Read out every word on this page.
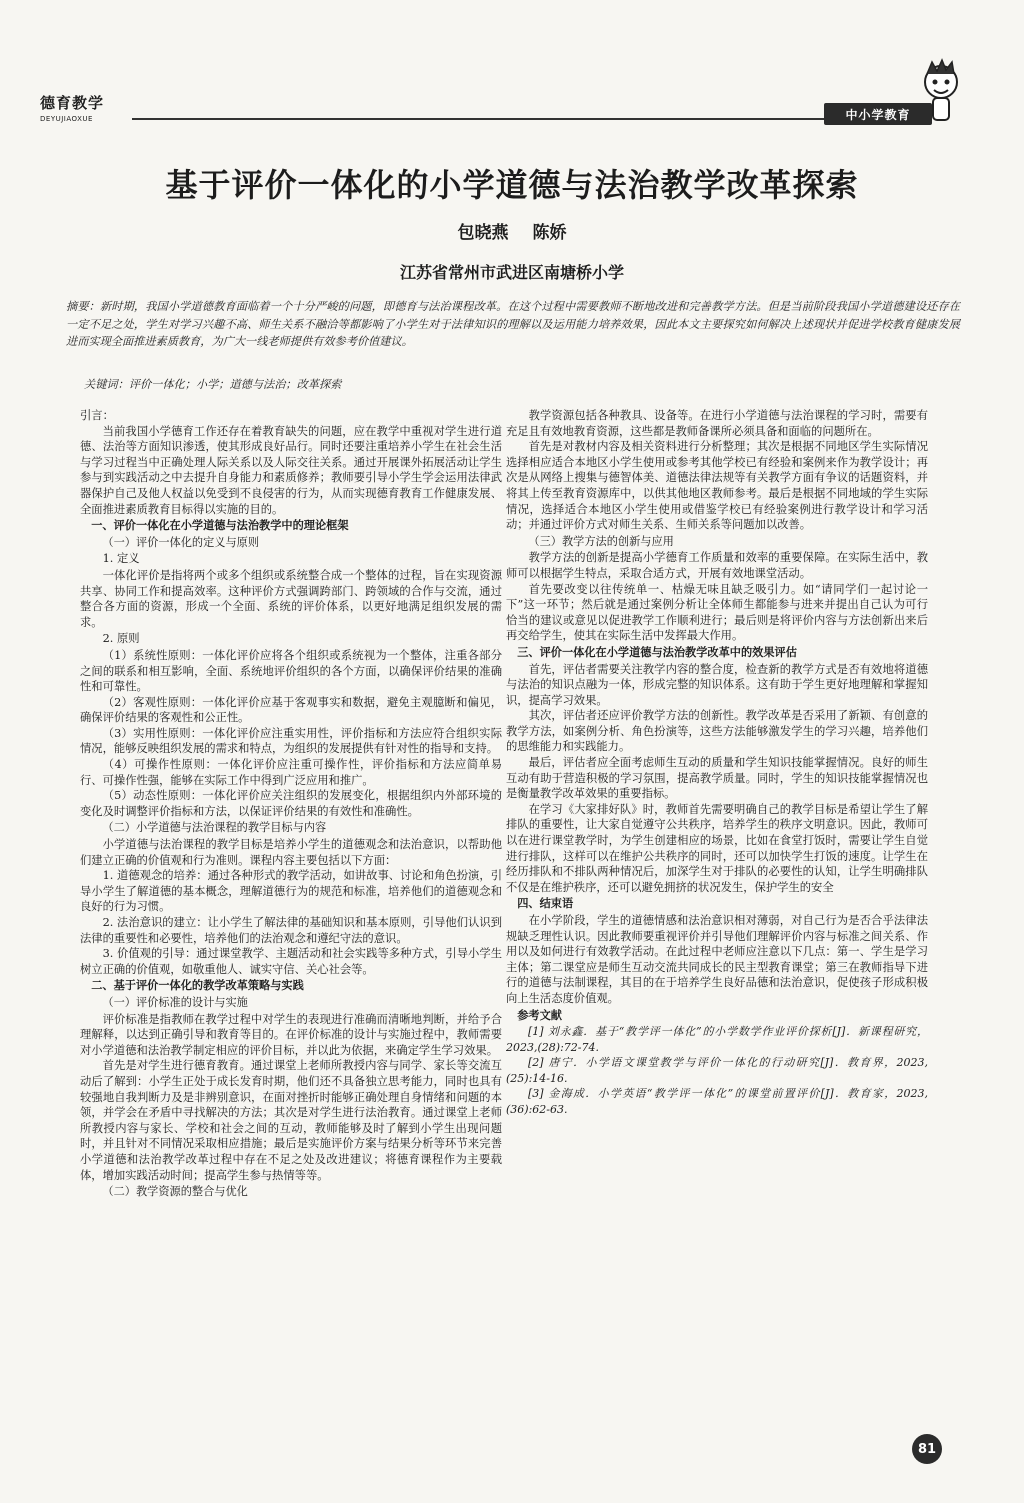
德育教学
DEYUJIAOXUE	中小学教育
基于评价一体化的小学道德与法治教学改革探索
包晓燕 陈娇
江苏省常州市武进区南塘桥小学
摘要：新时期，我国小学道德教育面临着一个十分严峻的问题，即德育与法治课程改革。在这个过程中需要教师不断地改进和完善教学方法。但是当前阶段我国小学道德建设还存在一定不足之处，学生对学习兴趣不高、师生关系不融洽等都影响了小学生对于法律知识的理解以及运用能力培养效果，因此本文主要探究如何解决上述现状并促进学校教育健康发展进而实现全面推进素质教育，为广大一线老师提供有效参考价值建议。
关键词：评价一体化；小学；道德与法治；改革探索

引言：

当前我国小学德育工作还存在着教育缺失的问题，应在教学中重视对学生进行道德、法治等方面知识渗透，使其形成良好品行。同时还要注重培养小学生在社会生活与学习过程当中正确处理人际关系以及人际交往关系。通过开展课外拓展活动让学生参与到实践活动之中去提升自身能力和素质修养；教师要引导小学生学会运用法律武器保护自己及他人权益以免受到不良侵害的行为，从而实现德育教育工作健康发展、全面推进素质教育目标得以实施的目的。

一、评价一体化在小学道德与法治教学中的理论框架

（一）评价一体化的定义与原则

1. 定义

一体化评价是指将两个或多个组织或系统整合成一个整体的过程，旨在实现资源共享、协同工作和提高效率。这种评价方式强调跨部门、跨领域的合作与交流，通过整合各方面的资源，形成一个全面、系统的评价体系，以更好地满足组织发展的需求。

2. 原则

（1）系统性原则：一体化评价应将各个组织或系统视为一个整体，注重各部分之间的联系和相互影响，全面、系统地评价组织的各个方面，以确保评价结果的准确性和可靠性。

（2）客观性原则：一体化评价应基于客观事实和数据，避免主观臆断和偏见，确保评价结果的客观性和公正性。

（3）实用性原则：一体化评价应注重实用性，评价指标和方法应符合组织实际情况，能够反映组织发展的需求和特点，为组织的发展提供有针对性的指导和支持。

（4）可操作性原则：一体化评价应注重可操作性，评价指标和方法应简单易行、可操作性强，能够在实际工作中得到广泛应用和推广。

（5）动态性原则：一体化评价应关注组织的发展变化，根据组织内外部环境的变化及时调整评价指标和方法，以保证评价结果的有效性和准确性。

（二）小学道德与法治课程的教学目标与内容

小学道德与法治课程的教学目标是培养小学生的道德观念和法治意识，以帮助他们建立正确的价值观和行为准则。课程内容主要包括以下方面：

1. 道德观念的培养：通过各种形式的教学活动，如讲故事、讨论和角色扮演，引导小学生了解道德的基本概念，理解道德行为的规范和标准，培养他们的道德观念和良好的行为习惯。

2. 法治意识的建立：让小学生了解法律的基础知识和基本原则，引导他们认识到法律的重要性和必要性，培养他们的法治观念和遵纪守法的意识。

3. 价值观的引导：通过课堂教学、主题活动和社会实践等多种方式，引导小学生树立正确的价值观，如敬重他人、诚实守信、关心社会等。

二、基于评价一体化的教学改革策略与实践

（一）评价标准的设计与实施

评价标准是指教师在教学过程中对学生的表现进行准确而清晰地判断，并给予合理解释，以达到正确引导和教育等目的。在评价标准的设计与实施过程中，教师需要对小学道德和法治教学制定相应的评价目标，并以此为依据，来确定学生学习效果。

首先是对学生进行德育教育。通过课堂上老师所教授内容与同学、家长等交流互动后了解到：小学生正处于成长发育时期，他们还不具备独立思考能力，同时也具有较强地自我判断力及是非辨别意识，在面对挫折时能够正确处理自身情绪和问题的本领，并学会在矛盾中寻找解决的方法；其次是对学生进行法治教育。通过课堂上老师所教授内容与家长、学校和社会之间的互动，教师能够及时了解到小学生出现问题时，并且针对不同情况采取相应措施；最后是实施评价方案与结果分析等环节来完善小学道德和法治教学改革过程中存在不足之处及改进建议；将德育课程作为主要载体，增加实践活动时间；提高学生参与热情等等。

（二）教学资源的整合与优化

教学资源包括各种教具、设备等。在进行小学道德与法治课程的学习时，需要有充足且有效地教育资源，这些都是教师备课所必须具备和面临的问题所在。

首先是对教材内容及相关资料进行分析整理；其次是根据不同地区学生实际情况选择相应适合本地区小学生使用或参考其他学校已有经验和案例来作为教学设计；再次是从网络上搜集与德智体美、道德法律法规等有关教学方面有争议的话题资料，并将其上传至教育资源库中，以供其他地区教师参考。最后是根据不同地域的学生实际情况，选择适合本地区小学生使用或借鉴学校已有经验案例进行教学设计和学习活动；并通过评价方式对师生关系、生师关系等问题加以改善。

（三）教学方法的创新与应用

教学方法的创新是提高小学德育工作质量和效率的重要保障。在实际生活中，教师可以根据学生特点，采取合适方式，开展有效地课堂活动。

首先要改变以往传统单一、枯燥无味且缺乏吸引力。如“请同学们一起讨论一下”这一环节；然后就是通过案例分析让全体师生都能参与进来并提出自己认为可行恰当的建议或意见以促进教学工作顺利进行；最后则是将评价内容与方法创新出来后再交给学生，使其在实际生活中发挥最大作用。

三、评价一体化在小学道德与法治教学改革中的效果评估

首先，评估者需要关注教学内容的整合度，检查新的教学方式是否有效地将道德与法治的知识点融为一体，形成完整的知识体系。这有助于学生更好地理解和掌握知识，提高学习效果。

其次，评估者还应评价教学方法的创新性。教学改革是否采用了新颖、有创意的教学方法，如案例分析、角色扮演等，这些方法能够激发学生的学习兴趣，培养他们的思维能力和实践能力。

最后，评估者应全面考虑师生互动的质量和学生知识技能掌握情况。良好的师生互动有助于营造积极的学习氛围，提高教学质量。同时，学生的知识技能掌握情况也是衡量教学改革效果的重要指标。

在学习《大家排好队》时，教师首先需要明确自己的教学目标是希望让学生了解排队的重要性，让大家自觉遵守公共秩序，培养学生的秩序文明意识。因此，教师可以在进行课堂教学时，为学生创建相应的场景，比如在食堂打饭时，需要让学生自觉进行排队，这样可以在维护公共秩序的同时，还可以加快学生打饭的速度。让学生在经历排队和不排队两种情况后，加深学生对于排队的必要性的认知，让学生明确排队不仅是在维护秩序，还可以避免拥挤的状况发生，保护学生的安全

四、结束语

在小学阶段，学生的道德情感和法治意识相对薄弱，对自己行为是否合乎法律法规缺乏理性认识。因此教师要重视评价并引导他们理解评价内容与标准之间关系、作用以及如何进行有效教学活动。在此过程中老师应注意以下几点：第一、学生是学习主体；第二课堂应是师生互动交流共同成长的民主型教育课堂；第三在教师指导下进行的道德与法制课程，其目的在于培养学生良好品德和法治意识，促使孩子形成积极向上生活态度价值观。

参考文献

[1] 刘永鑫．基于“教学评一体化”的小学数学作业评价探析[J]．新课程研究，2023,(28):72-74.

[2] 唐宁．小学语文课堂教学与评价一体化的行动研究[J]．教育界，2023,(25):14-16.

[3] 金海成．小学英语“教学评一体化”的课堂前置评价[J]．教育家，2023,(36):62-63.

81
